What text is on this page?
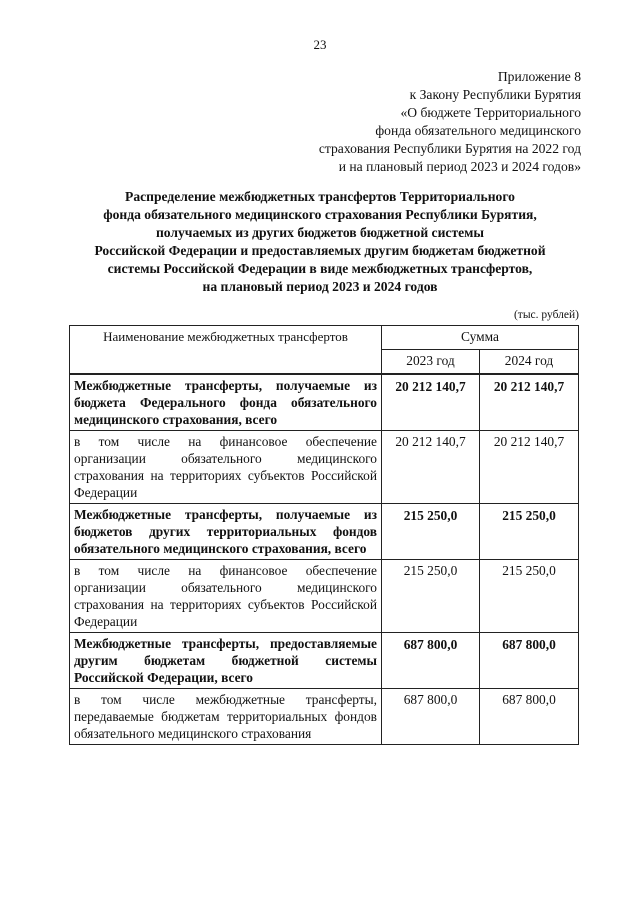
23
Приложение 8
к Закону Республики Бурятия
«О бюджете Территориального
фонда обязательного медицинского
страхования Республики Бурятия на 2022 год
и на плановый период 2023 и 2024 годов»
Распределение межбюджетных трансфертов Территориального
фонда обязательного медицинского страхования Республики Бурятия,
получаемых из других бюджетов бюджетной системы
Российской Федерации и предоставляемых другим бюджетам бюджетной
системы Российской Федерации в виде межбюджетных трансфертов,
на плановый период 2023 и 2024 годов
(тыс. рублей)
Наименование межбюджетных трансфертов	Сумма	
	2023 год	2024 год
Межбюджетные трансферты, получаемые из бюджета Федерального фонда обязательного медицинского страхования, всего	20 212 140,7	20 212 140,7
в том числе на финансовое обеспечение организации обязательного медицинского страхования на территориях субъектов Российской Федерации	20 212 140,7	20 212 140,7
Межбюджетные трансферты, получаемые из бюджетов других территориальных фондов обязательного медицинского страхования, всего	215 250,0	215 250,0
в том числе на финансовое обеспечение организации обязательного медицинского страхования на территориях субъектов Российской Федерации	215 250,0	215 250,0
Межбюджетные трансферты, предоставляемые другим бюджетам бюджетной системы Российской Федерации, всего	687 800,0	687 800,0
в том числе межбюджетные трансферты, передаваемые бюджетам территориальных фондов обязательного медицинского страхования	687 800,0	687 800,0
